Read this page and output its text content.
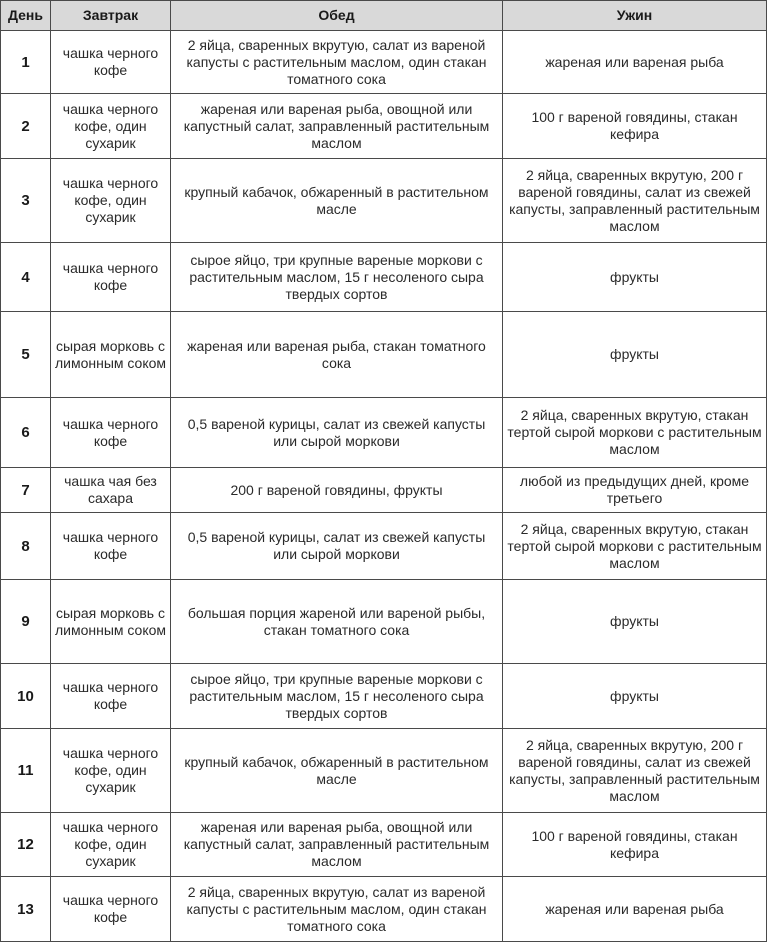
День	Завтрак	Обед	Ужин
1	чашка черного кофе	2 яйца, сваренных вкрутую, салат из вареной капусты с растительным маслом, один стакан томатного сока	жареная или вареная рыба
2	чашка черного кофе, один сухарик	жареная или вареная рыба, овощной или капустный салат, заправленный растительным маслом	100 г вареной говядины, стакан кефира
3	чашка черного кофе, один сухарик	крупный кабачок, обжаренный в растительном масле	2 яйца, сваренных вкрутую, 200 г вареной говядины, салат из свежей капусты, заправленный растительным маслом
4	чашка черного кофе	сырое яйцо, три крупные вареные моркови с растительным маслом, 15 г несоленого сыра твердых сортов	фрукты
5	сырая морковь с лимонным соком	жареная или вареная рыба, стакан томатного сока	фрукты
6	чашка черного кофе	0,5 вареной курицы, салат из свежей капусты или сырой моркови	2 яйца, сваренных вкрутую, стакан тертой сырой моркови с растительным маслом
7	чашка чая без сахара	200 г вареной говядины, фрукты	любой из предыдущих дней, кроме третьего
8	чашка черного кофе	0,5 вареной курицы, салат из свежей капусты или сырой моркови	2 яйца, сваренных вкрутую, стакан тертой сырой моркови с растительным маслом
9	сырая морковь с лимонным соком	большая порция жареной или вареной рыбы, стакан томатного сока	фрукты
10	чашка черного кофе	сырое яйцо, три крупные вареные моркови с растительным маслом, 15 г несоленого сыра твердых сортов	фрукты
11	чашка черного кофе, один сухарик	крупный кабачок, обжаренный в растительном масле	2 яйца, сваренных вкрутую, 200 г вареной говядины, салат из свежей капусты, заправленный растительным маслом
12	чашка черного кофе, один сухарик	жареная или вареная рыба, овощной или капустный салат, заправленный растительным маслом	100 г вареной говядины, стакан кефира
13	чашка черного кофе	2 яйца, сваренных вкрутую, салат из вареной капусты с растительным маслом, один стакан томатного сока	жареная или вареная рыба
